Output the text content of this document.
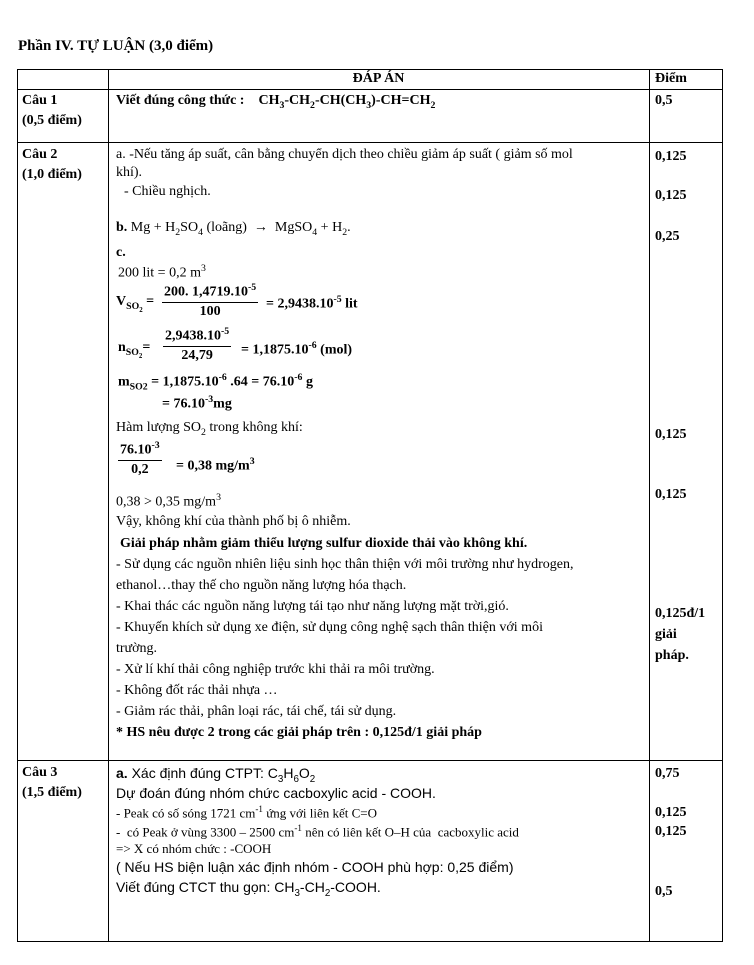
Phần IV. TỰ LUẬN (3,0 điểm)
ĐÁP ÁN	Điểm
Câu 1
(0,5 điểm)
Viết đúng công thức :    $CH_3-CH_2-CH(CH_3)-CH=CH_2$	0,5
Câu 2
(1,0 điểm)
a. -Nếu tăng áp suất, cân bằng chuyển dịch theo chiều giảm áp suất ( giảm số mol
khí).
- Chiều nghịch.
b. $Mg + H_2SO_4$ (loãng)  →  MgSO$_4$ + $H_2$.
c.
200 lit = 0,2 $m^3$
$V_{SO_2} = \frac{200. 1,4719.10^{-5}}{100} = 2,9438.10^{-5}$ lit
$n_{SO_2}= \frac{2,9438.10^{-5}}{24,79} = 1,1875.10^{-6}$ (mol)
$m_{SO2} = 1,1875.10^{-6}$ $.64 = 76.10^{-6}$ g
= $76.10^{-3}mg$
Hàm lượng $SO_2$ trong không khí:
$\frac{76.10^{-3}}{0,2} = 0,38$ $mg/m^3$
0,38 > 0,35 $mg/m^3$
Vậy, không khí của thành phố bị ô nhiễm.
Giải pháp nhằm giảm thiểu lượng sulfur dioxide thải vào không khí.
- Sử dụng các nguồn nhiên liệu sinh học thân thiện với môi trường như hydrogen,
ethanol…thay thế cho nguồn năng lượng hóa thạch.
- Khai thác các nguồn năng lượng tái tạo như năng lượng mặt trời,gió.
- Khuyến khích sử dụng xe điện, sử dụng công nghệ sạch thân thiện với môi
trường.
- Xử lí khí thải công nghiệp trước khi thải ra môi trường.
- Không đốt rác thải nhựa …
- Giảm rác thải, phân loại rác, tái chế, tái sử dụng.
* HS nêu được 2 trong các giải pháp trên : 0,125đ/1 giải pháp
0,125
0,125
0,25
0,125
0,125
0,125đ/1
giải
pháp.
Câu 3
(1,5 điểm)
a. Xác định đúng CTPT: $C_3H_6O_2$
Dự đoán đúng nhóm chức cacboxylic acid - COOH.
- Peak có số sóng 1721 $cm^{-1}$ ứng với liên kết C=O
-  có Peak ở vùng 3300 – 2500 $cm^{-1}$ nên có liên kết O–H của  cacboxylic acid
=> X có nhóm chức : -COOH
( Nếu HS biện luận xác định nhóm - COOH phù hợp: 0,25 điểm)
Viết đúng CTCT thu gọn: $CH_3-CH_2$-COOH.
0,75
0,125
0,125
0,5
